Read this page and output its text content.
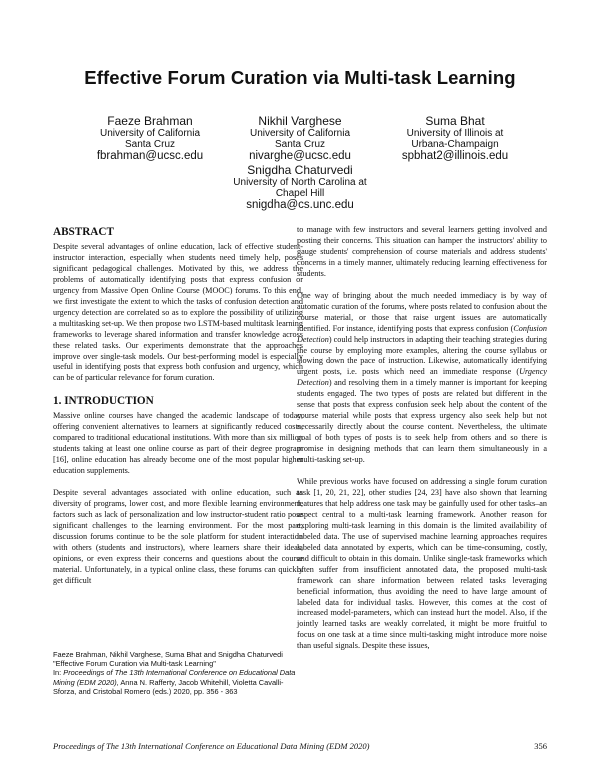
Effective Forum Curation via Multi-task Learning
Faeze Brahman
University of California
Santa Cruz
fbrahman@ucsc.edu
Nikhil Varghese
University of California
Santa Cruz
nivarghe@ucsc.edu
Suma Bhat
University of Illinois at
Urbana-Champaign
spbhat2@illinois.edu
Snigdha Chaturvedi
University of North Carolina at
Chapel Hill
snigdha@cs.unc.edu
ABSTRACT

Despite several advantages of online education, lack of effective student-instructor interaction, especially when students need timely help, poses significant pedagogical challenges. Motivated by this, we address the problems of automatically identifying posts that express confusion or urgency from Massive Open Online Course (MOOC) forums. To this end, we first investigate the extent to which the tasks of confusion detection and urgency detection are correlated so as to explore the possibility of utilizing a multitasking set-up. We then propose two LSTM-based multitask learning frameworks to leverage shared information and transfer knowledge across these related tasks. Our experiments demonstrate that the approaches improve over single-task models. Our best-performing model is especially useful in identifying posts that express both confusion and urgency, which can be of particular relevance for forum curation.

1. INTRODUCTION

Massive online courses have changed the academic landscape of today, offering convenient alternatives to learners at significantly reduced costs, compared to traditional educational institutions. With more than six million students taking at least one online course as part of their degree program [16], online education has already become one of the most popular higher education supplements.

Despite several advantages associated with online education, such as diversity of programs, lower cost, and more flexible learning environment, factors such as lack of personalization and low instructor-student ratio pose significant challenges to the learning environment. For the most part, discussion forums continue to be the sole platform for student interaction with others (students and instructors), where learners share their ideas, opinions, or even express their concerns and questions about the course material. Unfortunately, in a typical online class, these forums can quickly get difficult

to manage with few instructors and several learners getting involved and posting their concerns. This situation can hamper the instructors' ability to gauge students' comprehension of course materials and address students' concerns in a timely manner, ultimately reducing learning effectiveness for students.

One way of bringing about the much needed immediacy is by way of automatic curation of the forums, where posts related to confusion about the course material, or those that raise urgent issues are automatically identified. For instance, identifying posts that express confusion (Confusion Detection) could help instructors in adapting their teaching strategies during the course by employing more examples, altering the course syllabus or slowing down the pace of instruction. Likewise, automatically identifying urgent posts, i.e. posts which need an immediate response (Urgency Detection) and resolving them in a timely manner is important for keeping students engaged. The two types of posts are related but different in the sense that posts that express confusion seek help about the content of the course material while posts that express urgency also seek help but not necessarily directly about the course content. Nevertheless, the ultimate goal of both types of posts is to seek help from others and so there is promise in designing methods that can learn them simultaneously in a multi-tasking set-up.

While previous works have focused on addressing a single forum curation task [1, 20, 21, 22], other studies [24, 23] have also shown that learning features that help address one task may be gainfully used for other tasks–an aspect central to a multi-task learning framework. Another reason for exploring multi-task learning in this domain is the limited availability of labeled data. The use of supervised machine learning approaches requires labeled data annotated by experts, which can be time-consuming, costly, and difficult to obtain in this domain. Unlike single-task frameworks which often suffer from insufficient annotated data, the proposed multi-task framework can share information between related tasks leveraging beneficial information, thus avoiding the need to have large amount of labeled data for individual tasks. However, this comes at the cost of increased model-parameters, which can instead hurt the model. Also, if the jointly learned tasks are weakly correlated, it might be more fruitful to focus on one task at a time since multi-tasking might introduce more noise than useful signals. Despite these issues,

Faeze Brahman, Nikhil Varghese, Suma Bhat and Snigdha Chaturvedi "Effective Forum Curation via Multi-task Learning"
In: Proceedings of The 13th International Conference on Educational Data Mining (EDM 2020), Anna N. Rafferty, Jacob Whitehill, Violetta Cavalli-Sforza, and Cristobal Romero (eds.) 2020, pp. 356 - 363
Proceedings of The 13th International Conference on Educational Data Mining (EDM 2020)	356
